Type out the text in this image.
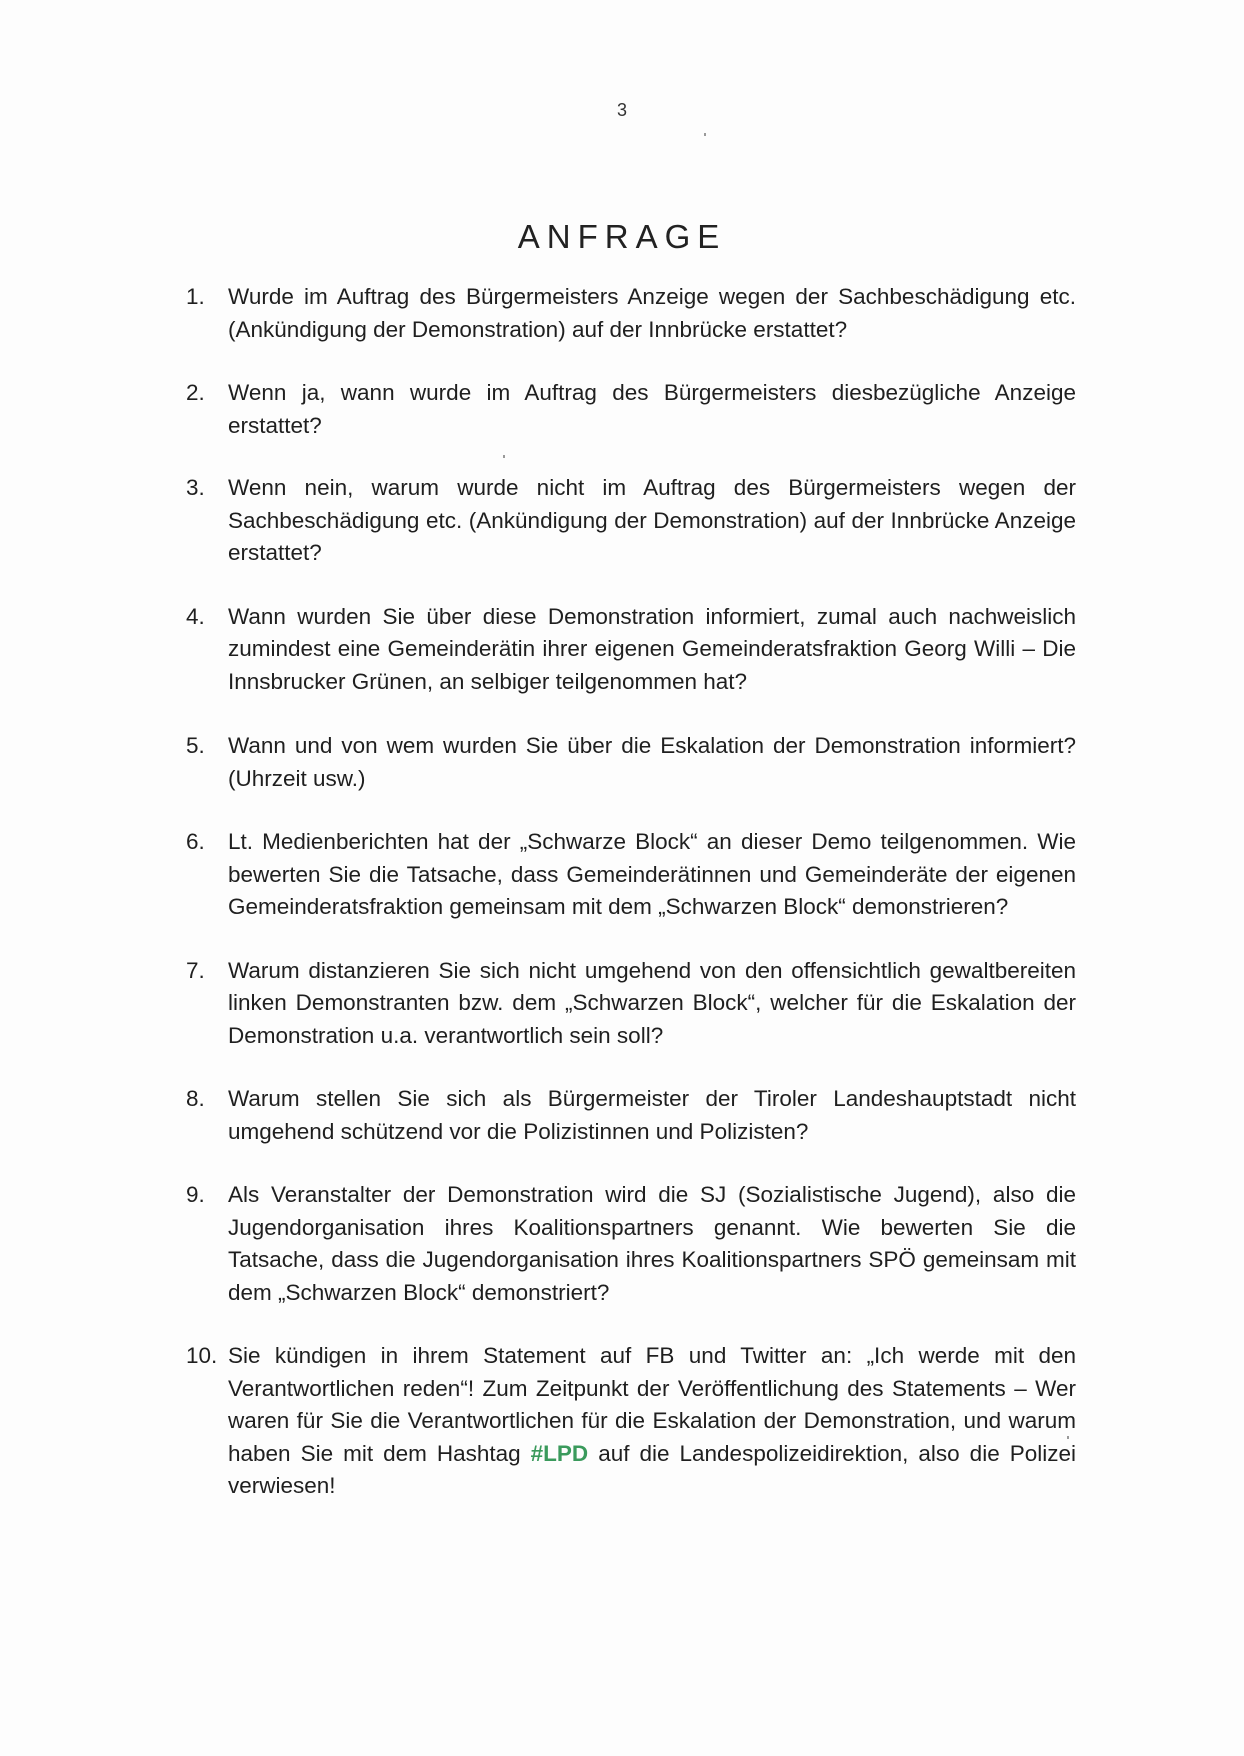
3
ANFRAGE
1.	Wurde im Auftrag des Bürgermeisters Anzeige wegen der Sachbeschädigung etc. (Ankündigung der Demonstration) auf der Innbrücke erstattet?
2.	Wenn ja, wann wurde im Auftrag des Bürgermeisters diesbezügliche Anzeige erstattet?
3.	Wenn nein, warum wurde nicht im Auftrag des Bürgermeisters wegen der Sachbeschädigung etc. (Ankündigung der Demonstration) auf der Innbrücke Anzeige erstattet?
4.	Wann wurden Sie über diese Demonstration informiert, zumal auch nachweislich zumindest eine Gemeinderätin ihrer eigenen Gemeinderatsfraktion Georg Willi – Die Innsbrucker Grünen, an selbiger teilgenommen hat?
5.	Wann und von wem wurden Sie über die Eskalation der Demonstration informiert? (Uhrzeit usw.)
6.	Lt. Medienberichten hat der „Schwarze Block“ an dieser Demo teilgenommen. Wie bewerten Sie die Tatsache, dass Gemeinderätinnen und Gemeinderäte der eigenen Gemeinderatsfraktion gemeinsam mit dem „Schwarzen Block“ demonstrieren?
7.	Warum distanzieren Sie sich nicht umgehend von den offensichtlich gewaltbereiten linken Demonstranten bzw. dem „Schwarzen Block“, welcher für die Eskalation der Demonstration u.a. verantwortlich sein soll?
8.	Warum stellen Sie sich als Bürgermeister der Tiroler Landeshauptstadt nicht umgehend schützend vor die Polizistinnen und Polizisten?
9.	Als Veranstalter der Demonstration wird die SJ (Sozialistische Jugend), also die Jugendorganisation ihres Koalitionspartners genannt. Wie bewerten Sie die Tatsache, dass die Jugendorganisation ihres Koalitionspartners SPÖ gemeinsam mit dem „Schwarzen Block“ demonstriert?
10. Sie kündigen in ihrem Statement auf FB und Twitter an: „Ich werde mit den Verantwortlichen reden“! Zum Zeitpunkt der Veröffentlichung des Statements – Wer waren für Sie die Verantwortlichen für die Eskalation der Demonstration, und warum haben Sie mit dem Hashtag #LPD auf die Landespolizeidirektion, also die Polizei verwiesen!
